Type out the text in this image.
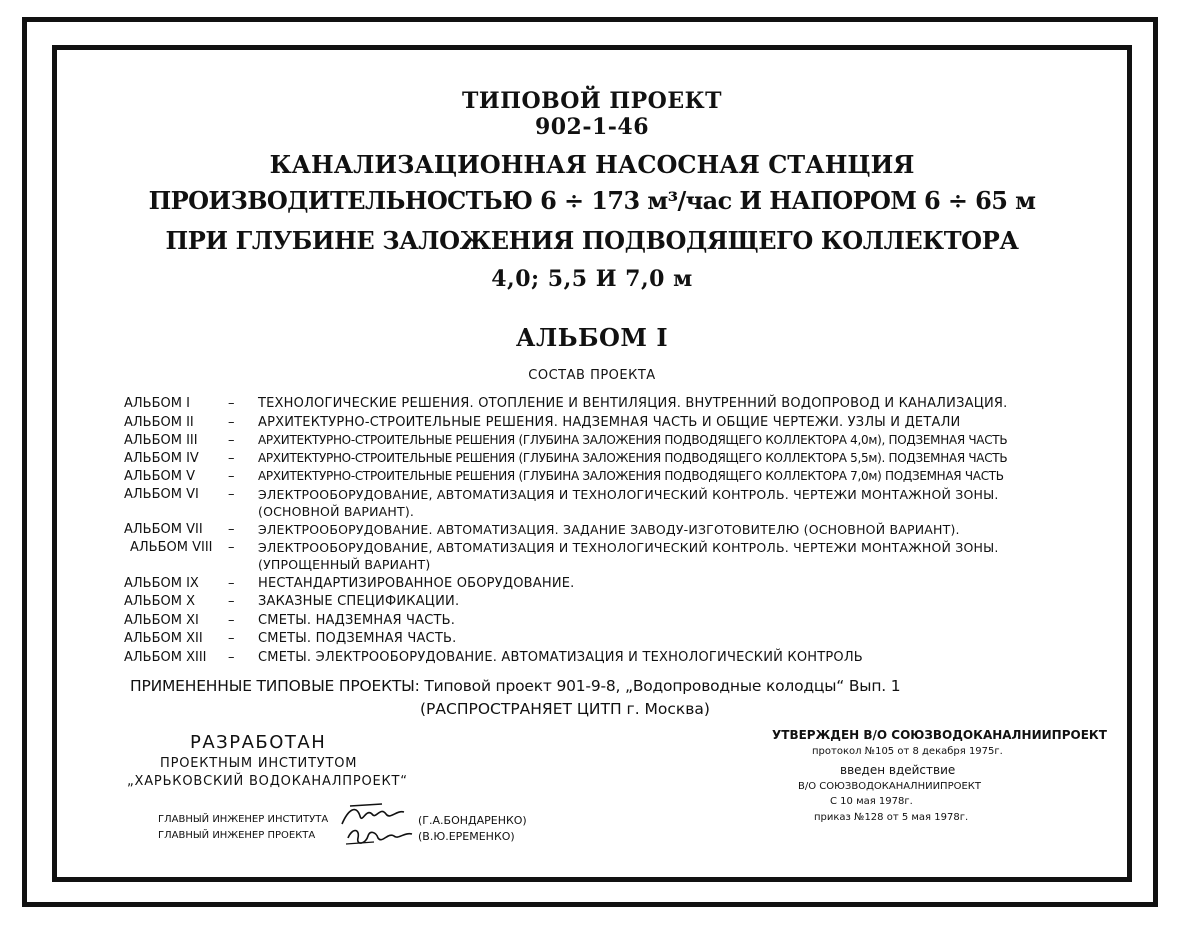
ТИПОВОЙ ПРОЕКТ
902-1-46
КАНАЛИЗАЦИОННАЯ НАСОСНАЯ СТАНЦИЯ
ПРОИЗВОДИТЕЛЬНОСТЬЮ 6 ÷ 173 м³/час И НАПОРОМ 6 ÷ 65 м
ПРИ ГЛУБИНЕ ЗАЛОЖЕНИЯ ПОДВОДЯЩЕГО КОЛЛЕКТОРА
4,0; 5,5 И 7,0 м
АЛЬБОМ I
СОСТАВ ПРОЕКТА
АЛЬБОМ I	– ТЕХНОЛОГИЧЕСКИЕ РЕШЕНИЯ. ОТОПЛЕНИЕ И ВЕНТИЛЯЦИЯ. ВНУТРЕННИЙ ВОДОПРОВОД И КАНАЛИЗАЦИЯ.
АЛЬБОМ II	– АРХИТЕКТУРНО-СТРОИТЕЛЬНЫЕ РЕШЕНИЯ. НАДЗЕМНАЯ ЧАСТЬ И ОБЩИЕ ЧЕРТЕЖИ. УЗЛЫ И ДЕТАЛИ
АЛЬБОМ III – АРХИТЕКТУРНО-СТРОИТЕЛЬНЫЕ РЕШЕНИЯ (ГЛУБИНА ЗАЛОЖЕНИЯ ПОДВОДЯЩЕГО КОЛЛЕКТОРА 4,0м), ПОДЗЕМНАЯ ЧАСТЬ
АЛЬБОМ IV – АРХИТЕКТУРНО-СТРОИТЕЛЬНЫЕ РЕШЕНИЯ (ГЛУБИНА ЗАЛОЖЕНИЯ ПОДВОДЯЩЕГО КОЛЛЕКТОРА 5,5м). ПОДЗЕМНАЯ ЧАСТЬ
АЛЬБОМ V	– АРХИТЕКТУРНО-СТРОИТЕЛЬНЫЕ РЕШЕНИЯ (ГЛУБИНА ЗАЛОЖЕНИЯ ПОДВОДЯЩЕГО КОЛЛЕКТОРА 7,0м) ПОДЗЕМНАЯ ЧАСТЬ
АЛЬБОМ VI – ЭЛЕКТРООБОРУДОВАНИЕ, АВТОМАТИЗАЦИЯ И ТЕХНОЛОГИЧЕСКИЙ КОНТРОЛЬ. ЧЕРТЕЖИ МОНТАЖНОЙ ЗОНЫ.
(ОСНОВНОЙ ВАРИАНТ).
АЛЬБОМ VII – ЭЛЕКТРООБОРУДОВАНИЕ. АВТОМАТИЗАЦИЯ. ЗАДАНИЕ ЗАВОДУ-ИЗГОТОВИТЕЛЮ (ОСНОВНОЙ ВАРИАНТ).
АЛЬБОМ VIII – ЭЛЕКТРООБОРУДОВАНИЕ, АВТОМАТИЗАЦИЯ И ТЕХНОЛОГИЧЕСКИЙ КОНТРОЛЬ. ЧЕРТЕЖИ МОНТАЖНОЙ ЗОНЫ.
(УПРОЩЕННЫЙ ВАРИАНТ)
АЛЬБОМ IX – НЕСТАНДАРТИЗИРОВАННОЕ ОБОРУДОВАНИЕ.
АЛЬБОМ X	– ЗАКАЗНЫЕ СПЕЦИФИКАЦИИ.
АЛЬБОМ XI – СМЕТЫ. НАДЗЕМНАЯ ЧАСТЬ.
АЛЬБОМ XII – СМЕТЫ. ПОДЗЕМНАЯ ЧАСТЬ.
АЛЬБОМ XIII – СМЕТЫ. ЭЛЕКТРООБОРУДОВАНИЕ. АВТОМАТИЗАЦИЯ И ТЕХНОЛОГИЧЕСКИЙ КОНТРОЛЬ
ПРИМЕНЕННЫЕ ТИПОВЫЕ ПРОЕКТЫ: Типовой проект 901-9-8, „Водопроводные колодцы“ Вып. 1
(РАСПРОСТРАНЯЕТ ЦИТП г. Москва)
РАЗРАБОТАН
ПРОЕКТНЫМ ИНСТИТУТОМ
„ХАРЬКОВСКИЙ ВОДОКАНАЛПРОЕКТ“
ГЛАВНЫЙ ИНЖЕНЕР ИНСТИТУТА	(Г.А.БОНДАРЕНКО)
ГЛАВНЫЙ ИНЖЕНЕР ПРОЕКТА	(В.Ю.ЕРЕМЕНКО)
УТВЕРЖДЕН В/О СОЮЗВОДОКАНАЛНИИПРОЕКТ
протокол №105 от 8 декабря 1975г.
введен вдействие
В/О СОЮЗВОДОКАНАЛНИИПРОЕКТ
С 10 мая 1978г.
приказ №128 от 5 мая 1978г.
